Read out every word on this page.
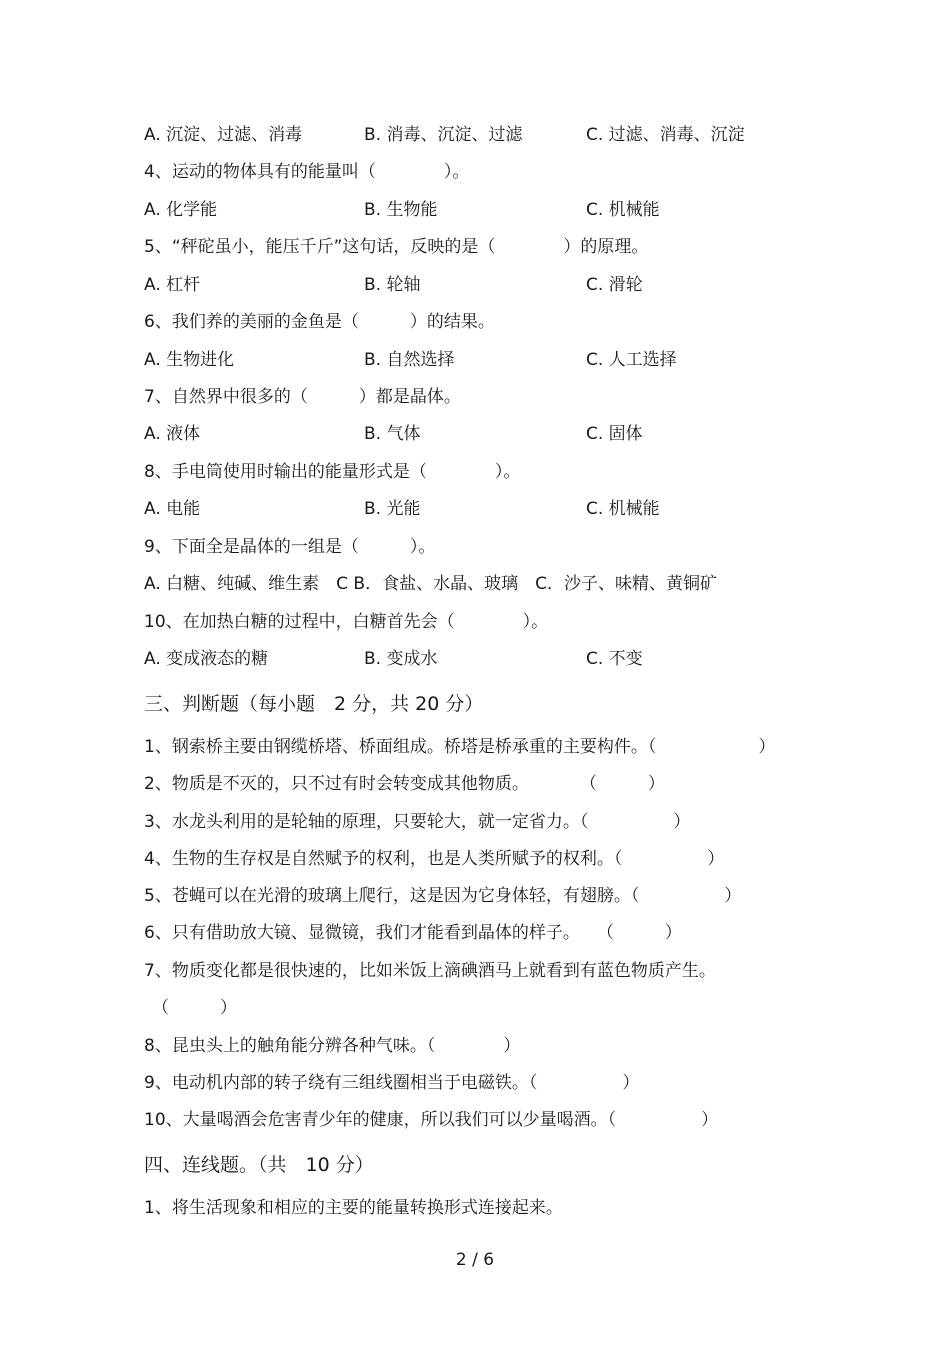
A. 沉淀、过滤、消毒	B. 消毒、沉淀、过滤	C. 过滤、消毒、沉淀
4、运动的物体具有的能量叫（　　　　）。
A. 化学能	B. 生物能	C. 机械能
5、“秤砣虽小，能压千斤”这句话，反映的是（　　　　）的原理。
A. 杠杆	B. 轮轴	C. 滑轮
6、我们养的美丽的金鱼是（　　　）的结果。
A. 生物进化	B. 自然选择	C. 人工选择
7、自然界中很多的（　　　）都是晶体。
A. 液体	B. 气体	C. 固体
8、手电筒使用时输出的能量形式是（　　　　）。
A. 电能	B. 光能	C. 机械能
9、下面全是晶体的一组是（　　　）。
A. 白糖、纯碱、维生素　C B．食盐、水晶、玻璃　C．沙子、味精、黄铜矿
10、在加热白糖的过程中，白糖首先会（　　　　）。
A. 变成液态的糖	B. 变成水	C. 不变
三、判断题（每小题　2 分，共 20 分）
1、钢索桥主要由钢缆桥塔、桥面组成。桥塔是桥承重的主要构件。（　　　　　　）
2、物质是不灭的，只不过有时会转变成其他物质。　　　　（　　　）
3、水龙头利用的是轮轴的原理，只要轮大，就一定省力。（　　　　　）
4、生物的生存权是自然赋予的权利，也是人类所赋予的权利。（　　　　　）
5、苍蝇可以在光滑的玻璃上爬行，这是因为它身体轻，有翅膀。（　　　　　）
6、只有借助放大镜、显微镜，我们才能看到晶体的样子。　　（　　　）
7、物质变化都是很快速的，比如米饭上滴碘酒马上就看到有蓝色物质产生。
（　　　）
8、昆虫头上的触角能分辨各种气味。（　　　　）
9、电动机内部的转子绕有三组线圈相当于电磁铁。（　　　　　）
10、大量喝酒会危害青少年的健康，所以我们可以少量喝酒。（　　　　　）
四、连线题。（共　10 分）
1、将生活现象和相应的主要的能量转换形式连接起来。
2 / 6
